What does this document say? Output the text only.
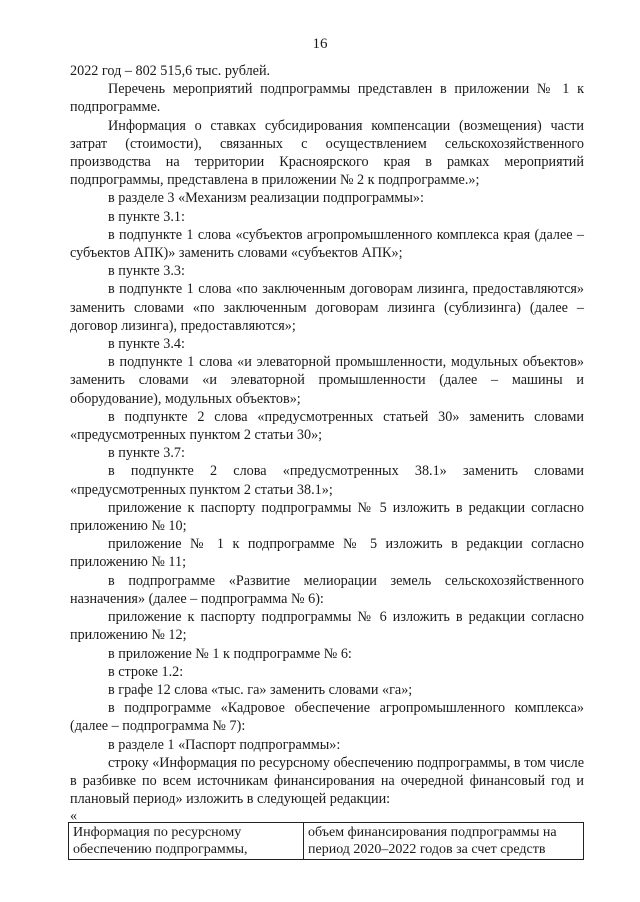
16

2022 год – 802 515,6 тыс. рублей.

Перечень мероприятий подпрограммы представлен в приложении № 1 к подпрограмме.

Информация о ставках субсидирования компенсации (возмещения) части затрат (стоимости), связанных с осуществлением сельскохозяйственного производства на территории Красноярского края в рамках мероприятий подпрограммы, представлена в приложении № 2 к подпрограмме.»;

в разделе 3 «Механизм реализации подпрограммы»:

в пункте 3.1:

в подпункте 1 слова «субъектов агропромышленного комплекса края (далее – субъектов АПК)» заменить словами «субъектов АПК»;

в пункте 3.3:

в подпункте 1 слова «по заключенным договорам лизинга, предоставляются» заменить словами «по заключенным договорам лизинга (сублизинга) (далее – договор лизинга), предоставляются»;

в пункте 3.4:

в подпункте 1 слова «и элеваторной промышленности, модульных объектов» заменить словами «и элеваторной промышленности (далее – машины и оборудование), модульных объектов»;

в подпункте 2 слова «предусмотренных статьей 30» заменить словами «предусмотренных пунктом 2 статьи 30»;

в пункте 3.7:

в подпункте 2 слова «предусмотренных 38.1» заменить словами «предусмотренных пунктом 2 статьи 38.1»;

приложение к паспорту подпрограммы № 5 изложить в редакции согласно приложению № 10;

приложение № 1 к подпрограмме № 5 изложить в редакции согласно приложению № 11;

в подпрограмме «Развитие мелиорации земель сельскохозяйственного назначения» (далее – подпрограмма № 6):

приложение к паспорту подпрограммы № 6 изложить в редакции согласно приложению № 12;

в приложение № 1 к подпрограмме № 6:

в строке 1.2:

в графе 12 слова «тыс. га» заменить словами «га»;

в подпрограмме «Кадровое обеспечение агропромышленного комплекса» (далее – подпрограмма № 7):

в разделе 1 «Паспорт подпрограммы»:

строку «Информация по ресурсному обеспечению подпрограммы, в том числе в разбивке по всем источникам финансирования на очередной финансовый год и плановый период» изложить в следующей редакции:

«

Информация по ресурсному обеспечению подпрограммы,	объем финансирования подпрограммы на период 2020–2022 годов за счет средств
